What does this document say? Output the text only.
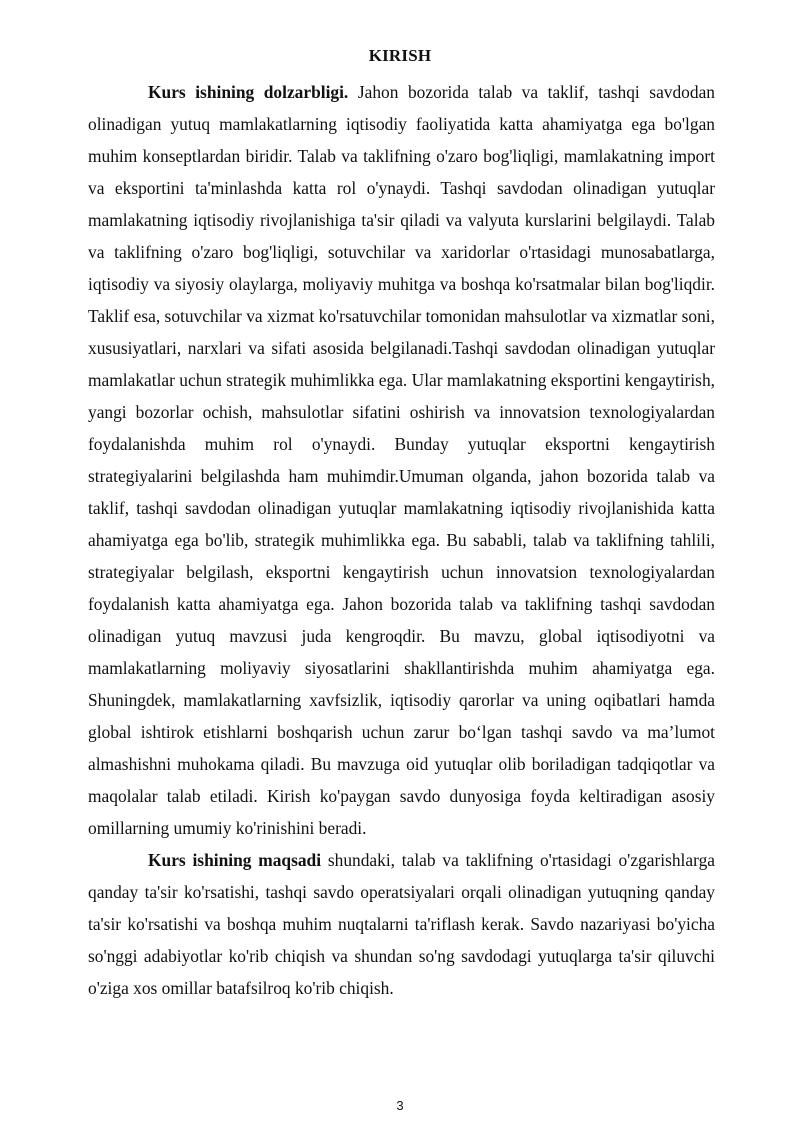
KIRISH

Kurs ishining dolzarbligi. Jahon bozorida talab va taklif, tashqi savdodan olinadigan yutuq mamlakatlarning iqtisodiy faoliyatida katta ahamiyatga ega bo'lgan muhim konseptlardan biridir. Talab va taklifning o'zaro bog'liqligi, mamlakatning import va eksportini ta'minlashda katta rol o'ynaydi. Tashqi savdodan olinadigan yutuqlar mamlakatning iqtisodiy rivojlanishiga ta'sir qiladi va valyuta kurslarini belgilaydi. Talab va taklifning o'zaro bog'liqligi, sotuvchilar va xaridorlar o'rtasidagi munosabatlarga, iqtisodiy va siyosiy olaylarga, moliyaviy muhitga va boshqa ko'rsatmalar bilan bog'liqdir. Taklif esa, sotuvchilar va xizmat ko'rsatuvchilar tomonidan mahsulotlar va xizmatlar soni, xususiyatlari, narxlari va sifati asosida belgilanadi.Tashqi savdodan olinadigan yutuqlar mamlakatlar uchun strategik muhimlikka ega. Ular mamlakatning eksportini kengaytirish, yangi bozorlar ochish, mahsulotlar sifatini oshirish va innovatsion texnologiyalardan foydalanishda muhim rol o'ynaydi. Bunday yutuqlar eksportni kengaytirish strategiyalarini belgilashda ham muhimdir.Umuman olganda, jahon bozorida talab va taklif, tashqi savdodan olinadigan yutuqlar mamlakatning iqtisodiy rivojlanishida katta ahamiyatga ega bo'lib, strategik muhimlikka ega. Bu sababli, talab va taklifning tahlili, strategiyalar belgilash, eksportni kengaytirish uchun innovatsion texnologiyalardan foydalanish katta ahamiyatga ega. Jahon bozorida talab va taklifning tashqi savdodan olinadigan yutuq mavzusi juda kengroqdir. Bu mavzu, global iqtisodiyotni va mamlakatlarning moliyaviy siyosatlarini shakllantirishda muhim ahamiyatga ega. Shuningdek, mamlakatlarning xavfsizlik, iqtisodiy qarorlar va uning oqibatlari hamda global ishtirok etishlarni boshqarish uchun zarur bo‘lgan tashqi savdo va ma’lumot almashishni muhokama qiladi. Bu mavzuga oid yutuqlar olib boriladigan tadqiqotlar va maqolalar talab etiladi. Kirish ko'paygan savdo dunyosiga foyda keltiradigan asosiy omillarning umumiy ko'rinishini beradi.

Kurs ishining maqsadi shundaki, talab va taklifning o'rtasidagi o'zgarishlarga qanday ta'sir ko'rsatishi, tashqi savdo operatsiyalari orqali olinadigan yutuqning qanday ta'sir ko'rsatishi va boshqa muhim nuqtalarni ta'riflash kerak. Savdo nazariyasi bo'yicha so'nggi adabiyotlar ko'rib chiqish va shundan so'ng savdodagi yutuqlarga ta'sir qiluvchi o'ziga xos omillar batafsilroq ko'rib chiqish.

3
